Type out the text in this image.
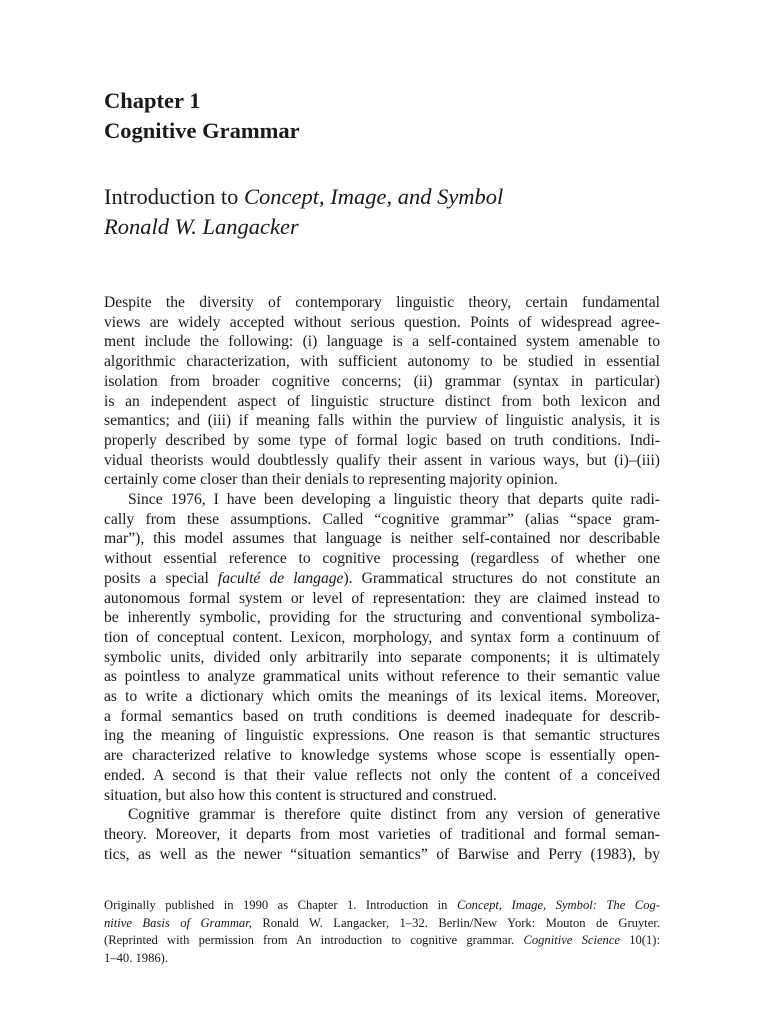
Chapter 1
Cognitive Grammar
Introduction to Concept, Image, and Symbol
Ronald W. Langacker
Despite the diversity of contemporary linguistic theory, certain fundamental
views are widely accepted without serious question. Points of widespread agree-
ment include the following: (i) language is a self-contained system amenable to
algorithmic characterization, with sufficient autonomy to be studied in essential
isolation from broader cognitive concerns; (ii) grammar (syntax in particular)
is an independent aspect of linguistic structure distinct from both lexicon and
semantics; and (iii) if meaning falls within the purview of linguistic analysis, it is
properly described by some type of formal logic based on truth conditions. Indi-
vidual theorists would doubtlessly qualify their assent in various ways, but (i)–(iii)
certainly come closer than their denials to representing majority opinion.
Since 1976, I have been developing a linguistic theory that departs quite radi-
cally from these assumptions. Called “cognitive grammar” (alias “space gram-
mar”), this model assumes that language is neither self-contained nor describable
without essential reference to cognitive processing (regardless of whether one
posits a special faculté de langage). Grammatical structures do not constitute an
autonomous formal system or level of representation: they are claimed instead to
be inherently symbolic, providing for the structuring and conventional symboliza-
tion of conceptual content. Lexicon, morphology, and syntax form a continuum of
symbolic units, divided only arbitrarily into separate components; it is ultimately
as pointless to analyze grammatical units without reference to their semantic value
as to write a dictionary which omits the meanings of its lexical items. Moreover,
a formal semantics based on truth conditions is deemed inadequate for describ-
ing the meaning of linguistic expressions. One reason is that semantic structures
are characterized relative to knowledge systems whose scope is essentially open-
ended. A second is that their value reflects not only the content of a conceived
situation, but also how this content is structured and construed.
Cognitive grammar is therefore quite distinct from any version of generative
theory. Moreover, it departs from most varieties of traditional and formal seman-
tics, as well as the newer “situation semantics” of Barwise and Perry (1983), by
Originally published in 1990 as Chapter 1. Introduction in Concept, Image, Symbol: The Cog-
nitive Basis of Grammar, Ronald W. Langacker, 1–32. Berlin/New York: Mouton de Gruyter.
(Reprinted with permission from An introduction to cognitive grammar. Cognitive Science 10(1):
1–40. 1986).
